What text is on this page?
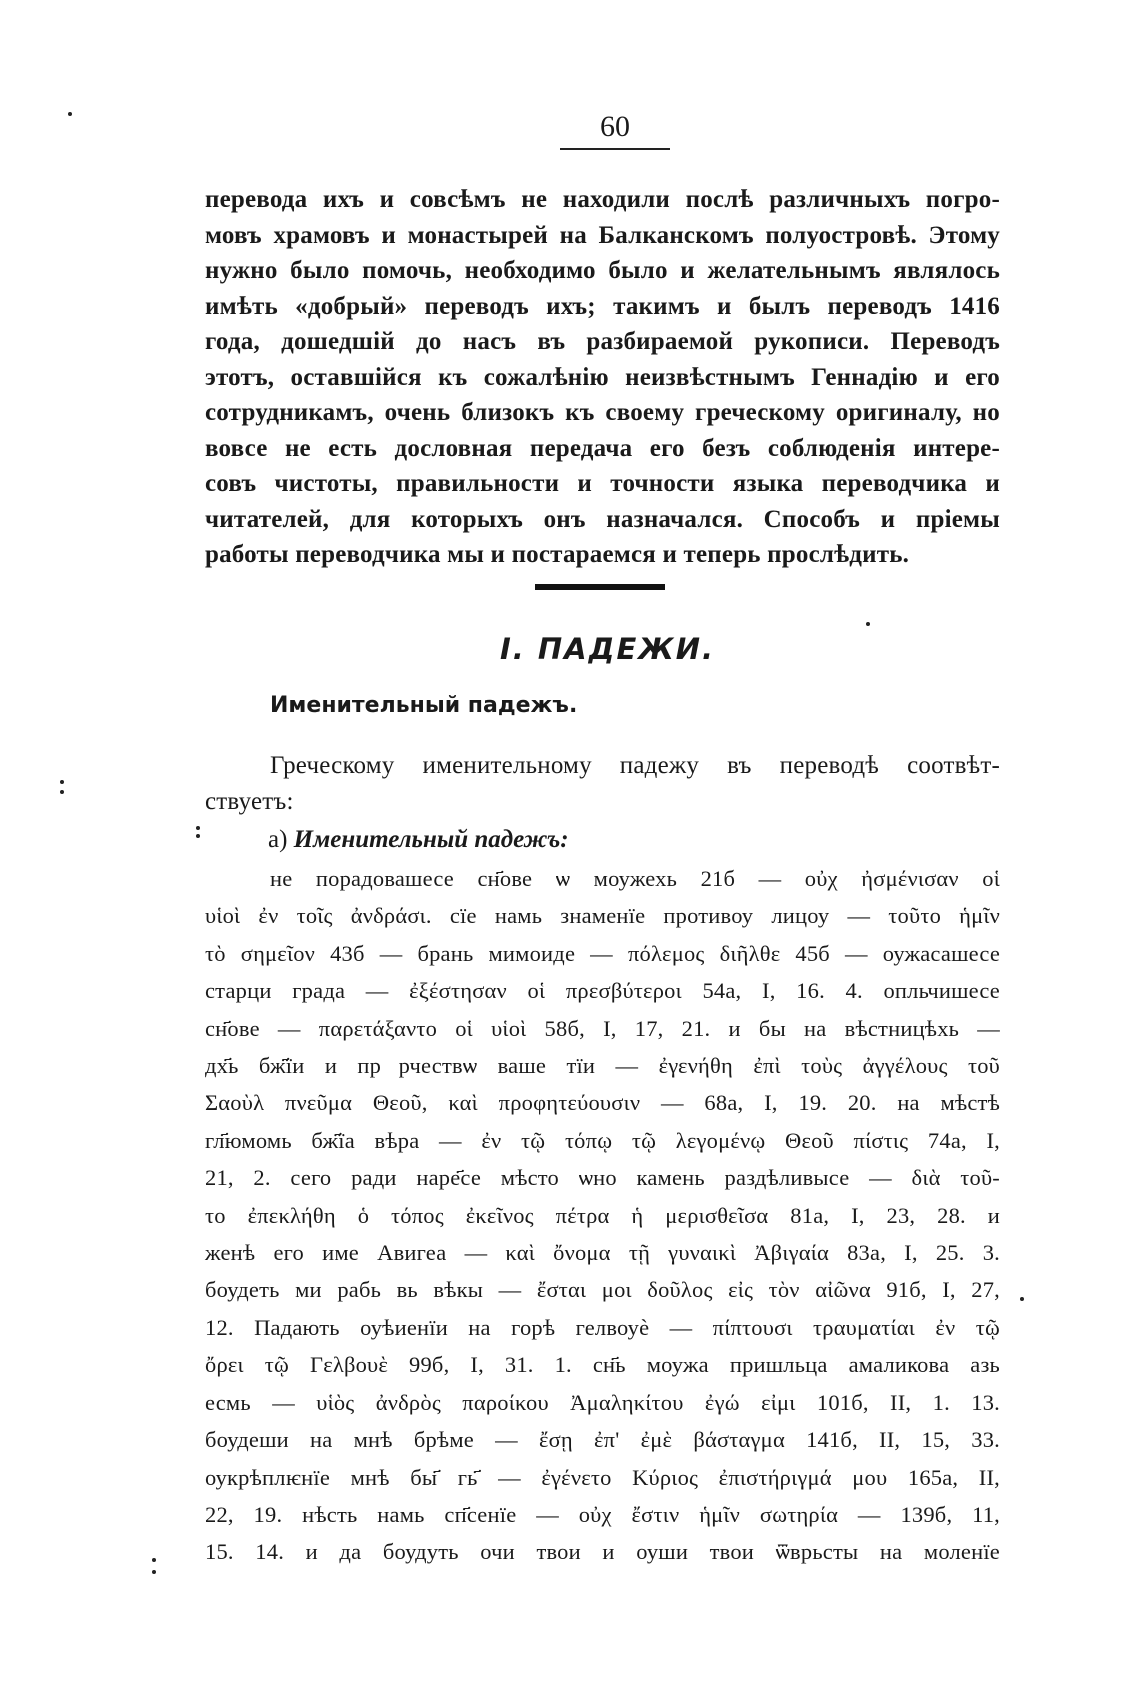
60
перевода ихъ и совсѣмъ не находили послѣ различныхъ погро-
мовъ храмовъ и монастырей на Балканскомъ полуостровѣ. Этому
нужно было помочь, необходимо было и желательнымъ являлось
имѣть «добрый» переводъ ихъ; такимъ и былъ переводъ 1416
года, дошедшій до насъ въ разбираемой рукописи. Переводъ
этотъ, оставшійся къ сожалѣнію неизвѣстнымъ Геннадію и его
сотрудникамъ, очень близокъ къ своему греческому оригиналу, но
вовсе не есть дословная передача его безъ соблюденія интере-
совъ чистоты, правильности и точности языка переводчика и
читателей, для которыхъ онъ назначался. Способъ и пріемы
работы переводчика мы и постараемся и теперь прослѣдить.
I. ПАДЕЖИ.
Именительный падежъ.
Греческому именительному падежу въ переводѣ соотвѣт-
ствуетъ:
а) Именительный падежъ:
не порадовашесе сн҃ове ѡ моужехь 21б — οὐχ ἠσμένισαν οἱ
υἱοὶ ἐν τοῖς ἀνδράσι. сїе намь знаменїе противоу лицоу — τοῦτο ἡμῖν
τὸ σημεῖον 43б — брань мимоиде — πόλεμος διῆλθε 45б — оужасашесе
старци града — ἐξέστησαν οἱ πρεσβύτεροι 54а, I, 16. 4. опльчишесе
сн҃ове — παρετάξαντο οἱ υἱοὶ 58б, I, 17, 21. и бы на вѣстницѣхь —
дх҃ь бж҃їи и прⷪрчествѡ ваше тїи — ἐγενήθη ἐπὶ τοὺς ἀγγέλους τοῦ
Σαοὺλ πνεῦμα Θεοῦ, καὶ προφητεύουσιν — 68а, I, 19. 20. на мѣстѣ
гл҃юмомь бж҃їа вѣра — ἐν τῷ τόπῳ τῷ λεγομένῳ Θεοῦ πίστις 74а, I,
21, 2. сего ради наре҃се мѣсто ѡно камень раздѣливысе — διὰ τοῦ-
το ἐπεκλήθη ὁ τόπος ἐκεῖνος πέτρα ἡ μερισθεῖσα 81а, I, 23, 28. и
женѣ его име Авигеа — καὶ ὄνομα τῇ γυναικὶ Ἀβιγαία 83а, I, 25. 3.
боудеть ми рабь вь вѣкы — ἔσται μοι δοῦλος εἰς τὸν αἰῶνα 91б, I, 27,
12. Падають оуѣиенїи на горѣ гелвоуѐ — πίπτουσι τραυματίαι ἐν τῷ
ὄρει τῷ Γελβουὲ 99б, I, 31. 1. сн҃ь моужа пришльца амаликова азь
есмь — υἱὸς ἀνδρὸς παροίκου Ἀμαληκίτου ἐγώ εἰμι 101б, II, 1. 13.
боудеши на мнѣ брѣме — ἔσῃ ἐπ' ἐμὲ βάσταγμα 141б, II, 15, 33.
оукрѣплѥнїе мнѣ бы҃ гь҃ — ἐγένετο Κύριος ἐπιστήριγμά μου 165а, II,
22, 19. нѣсть намь сп҃сенїе — οὐχ ἔστιν ἡμῖν σωτηρία — 139б, 11,
15. 14. и да боудуть очи твои и оуши твои ѿврьсты на моленїе
